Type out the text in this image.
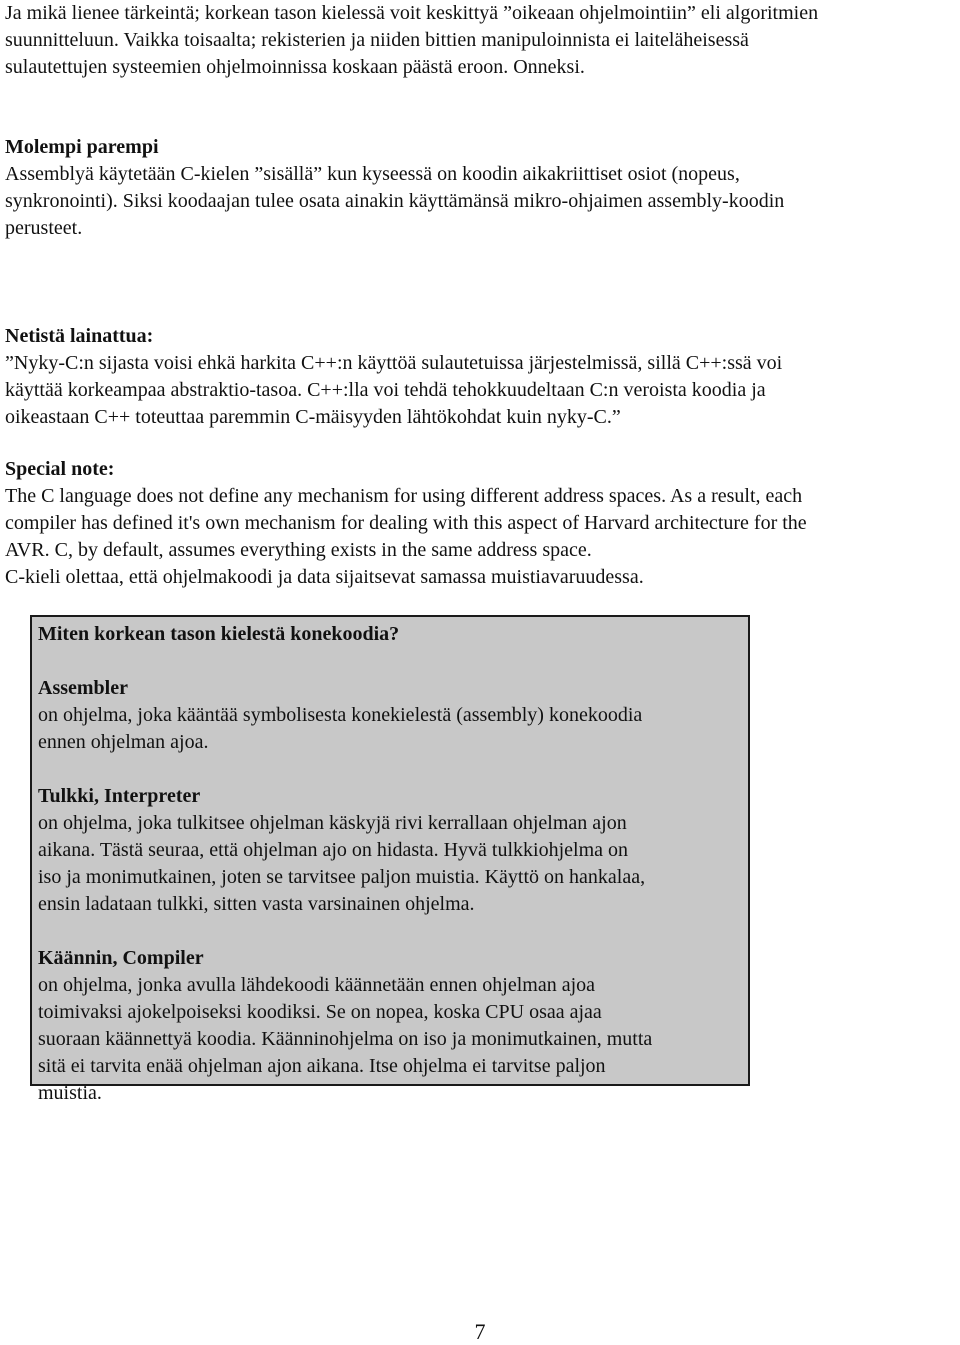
Ja mikä lienee tärkeintä; korkean tason kielessä voit keskittyä ”oikeaan ohjelmointiin” eli algoritmien

suunnitteluun. Vaikka toisaalta; rekisterien ja niiden bittien manipuloinnista ei laiteläheisessä

sulautettujen systeemien ohjelmoinnissa koskaan päästä eroon. Onneksi.

Molempi parempi

Assemblyä käytetään C-kielen ”sisällä” kun kyseessä on koodin aikakriittiset osiot (nopeus,

synkronointi). Siksi koodaajan tulee osata ainakin käyttämänsä mikro-ohjaimen assembly-koodin

perusteet.

Netistä lainattua:

”Nyky-C:n sijasta voisi ehkä harkita C++:n käyttöä sulautetuissa järjestelmissä, sillä C++:ssä voi

käyttää korkeampaa abstraktio-tasoa. C++:lla voi tehdä tehokkuudeltaan C:n veroista koodia ja

oikeastaan C++ toteuttaa paremmin C-mäisyyden lähtökohdat kuin nyky-C.”

Special note:

The C language does not define any mechanism for using different address spaces. As a result, each

compiler has defined it's own mechanism for dealing with this aspect of Harvard architecture for the

AVR. C, by default, assumes everything exists in the same address space.

C-kieli olettaa, että ohjelmakoodi ja data sijaitsevat samassa muistiavaruudessa.

Miten korkean tason kielestä konekoodia?

Assembler

on ohjelma, joka kääntää symbolisesta konekielestä (assembly) konekoodia

ennen ohjelman ajoa.

Tulkki, Interpreter

on ohjelma, joka tulkitsee ohjelman käskyjä rivi kerrallaan ohjelman ajon

aikana. Tästä seuraa, että ohjelman ajo on hidasta. Hyvä tulkkiohjelma on

iso ja monimutkainen, joten se tarvitsee paljon muistia. Käyttö on hankalaa,

ensin ladataan tulkki, sitten vasta varsinainen ohjelma.

Käännin, Compiler

on ohjelma, jonka avulla lähdekoodi käännetään ennen ohjelman ajoa

toimivaksi ajokelpoiseksi koodiksi. Se on nopea, koska CPU osaa ajaa

suoraan käännettyä koodia. Käänninohjelma on iso ja monimutkainen, mutta

sitä ei tarvita enää ohjelman ajon aikana. Itse ohjelma ei tarvitse paljon

muistia.

7
